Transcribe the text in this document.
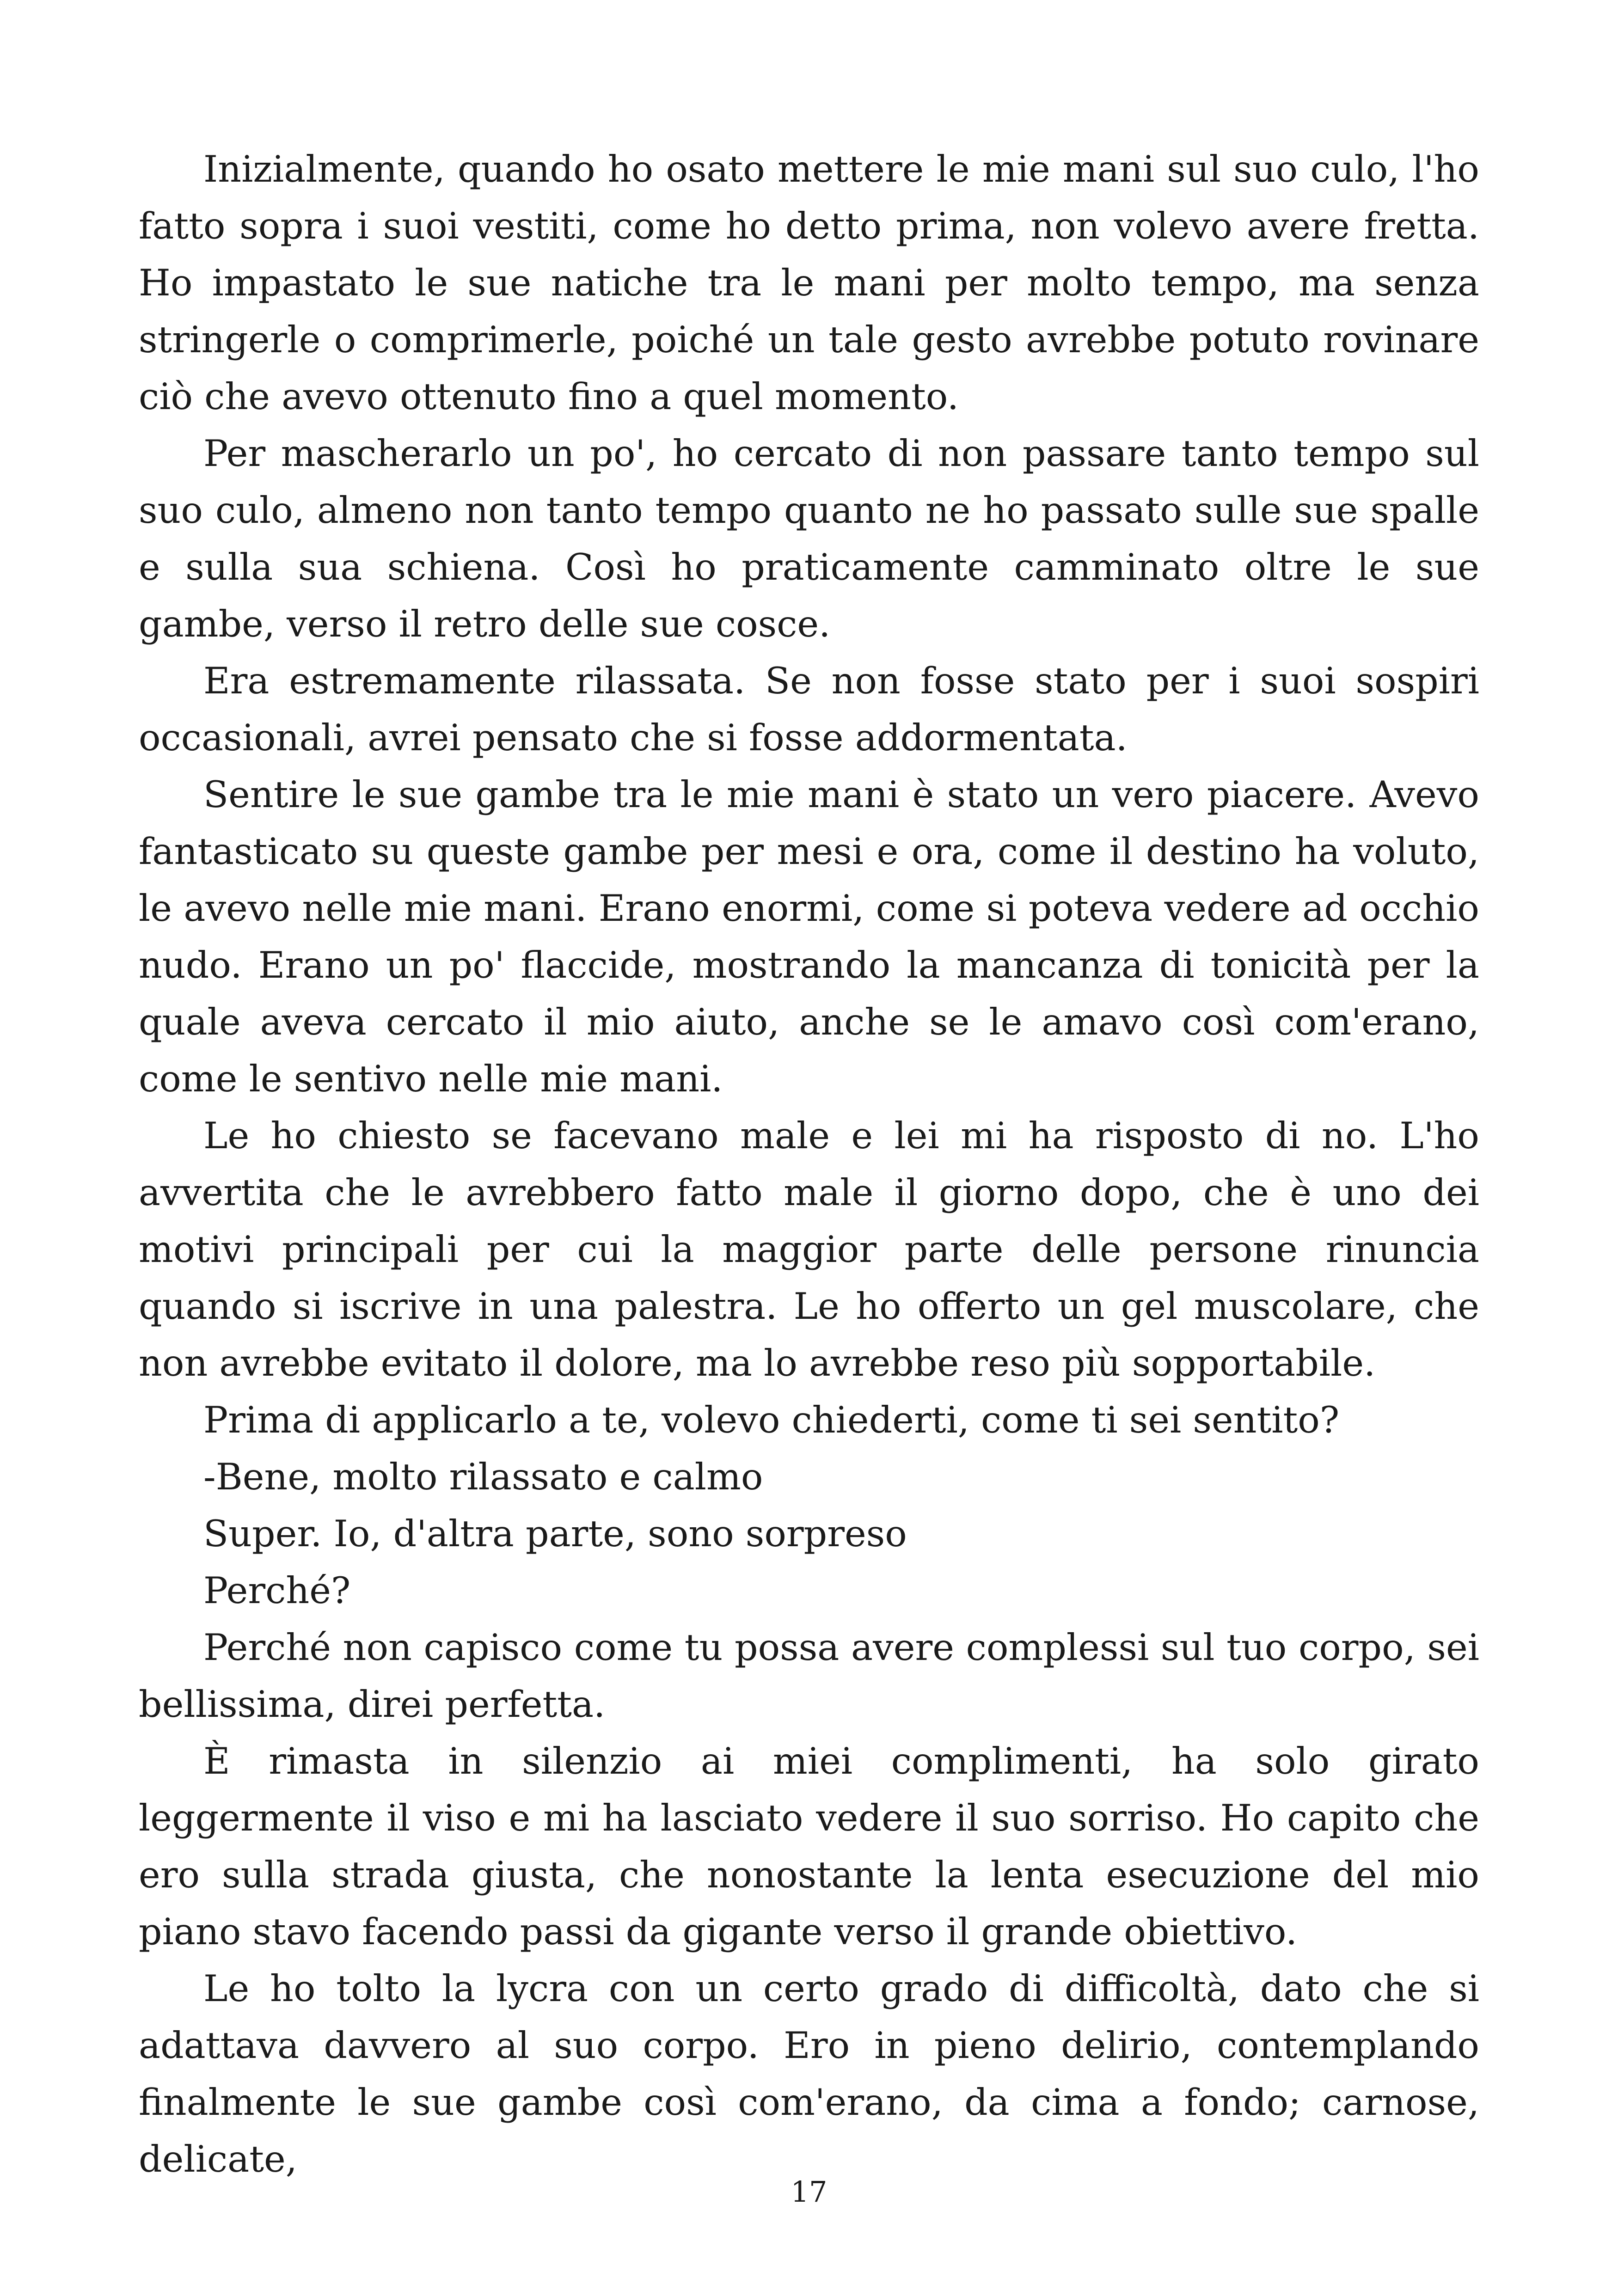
Inizialmente, quando ho osato mettere le mie mani sul suo culo, l'ho fatto sopra i suoi vestiti, come ho detto prima, non volevo avere fretta. Ho impastato le sue natiche tra le mani per molto tempo, ma senza stringerle o comprimerle, poiché un tale gesto avrebbe potuto rovinare ciò che avevo ottenuto fino a quel momento.

Per mascherarlo un po', ho cercato di non passare tanto tempo sul suo culo, almeno non tanto tempo quanto ne ho passato sulle sue spalle e sulla sua schiena. Così ho praticamente camminato oltre le sue gambe, verso il retro delle sue cosce.

Era estremamente rilassata. Se non fosse stato per i suoi sospiri occasionali, avrei pensato che si fosse addormentata.

Sentire le sue gambe tra le mie mani è stato un vero piacere. Avevo fantasticato su queste gambe per mesi e ora, come il destino ha voluto, le avevo nelle mie mani. Erano enormi, come si poteva vedere ad occhio nudo. Erano un po' flaccide, mostrando la mancanza di tonicità per la quale aveva cercato il mio aiuto, anche se le amavo così com'erano, come le sentivo nelle mie mani.

Le ho chiesto se facevano male e lei mi ha risposto di no. L'ho avvertita che le avrebbero fatto male il giorno dopo, che è uno dei motivi principali per cui la maggior parte delle persone rinuncia quando si iscrive in una palestra. Le ho offerto un gel muscolare, che non avrebbe evitato il dolore, ma lo avrebbe reso più sopportabile.

Prima di applicarlo a te, volevo chiederti, come ti sei sentito?

-Bene, molto rilassato e calmo

Super. Io, d'altra parte, sono sorpreso

Perché?

Perché non capisco come tu possa avere complessi sul tuo corpo, sei bellissima, direi perfetta.

È rimasta in silenzio ai miei complimenti, ha solo girato leggermente il viso e mi ha lasciato vedere il suo sorriso. Ho capito che ero sulla strada giusta, che nonostante la lenta esecuzione del mio piano stavo facendo passi da gigante verso il grande obiettivo.

Le ho tolto la lycra con un certo grado di difficoltà, dato che si adattava davvero al suo corpo. Ero in pieno delirio, contemplando finalmente le sue gambe così com'erano, da cima a fondo; carnose, delicate,

17
